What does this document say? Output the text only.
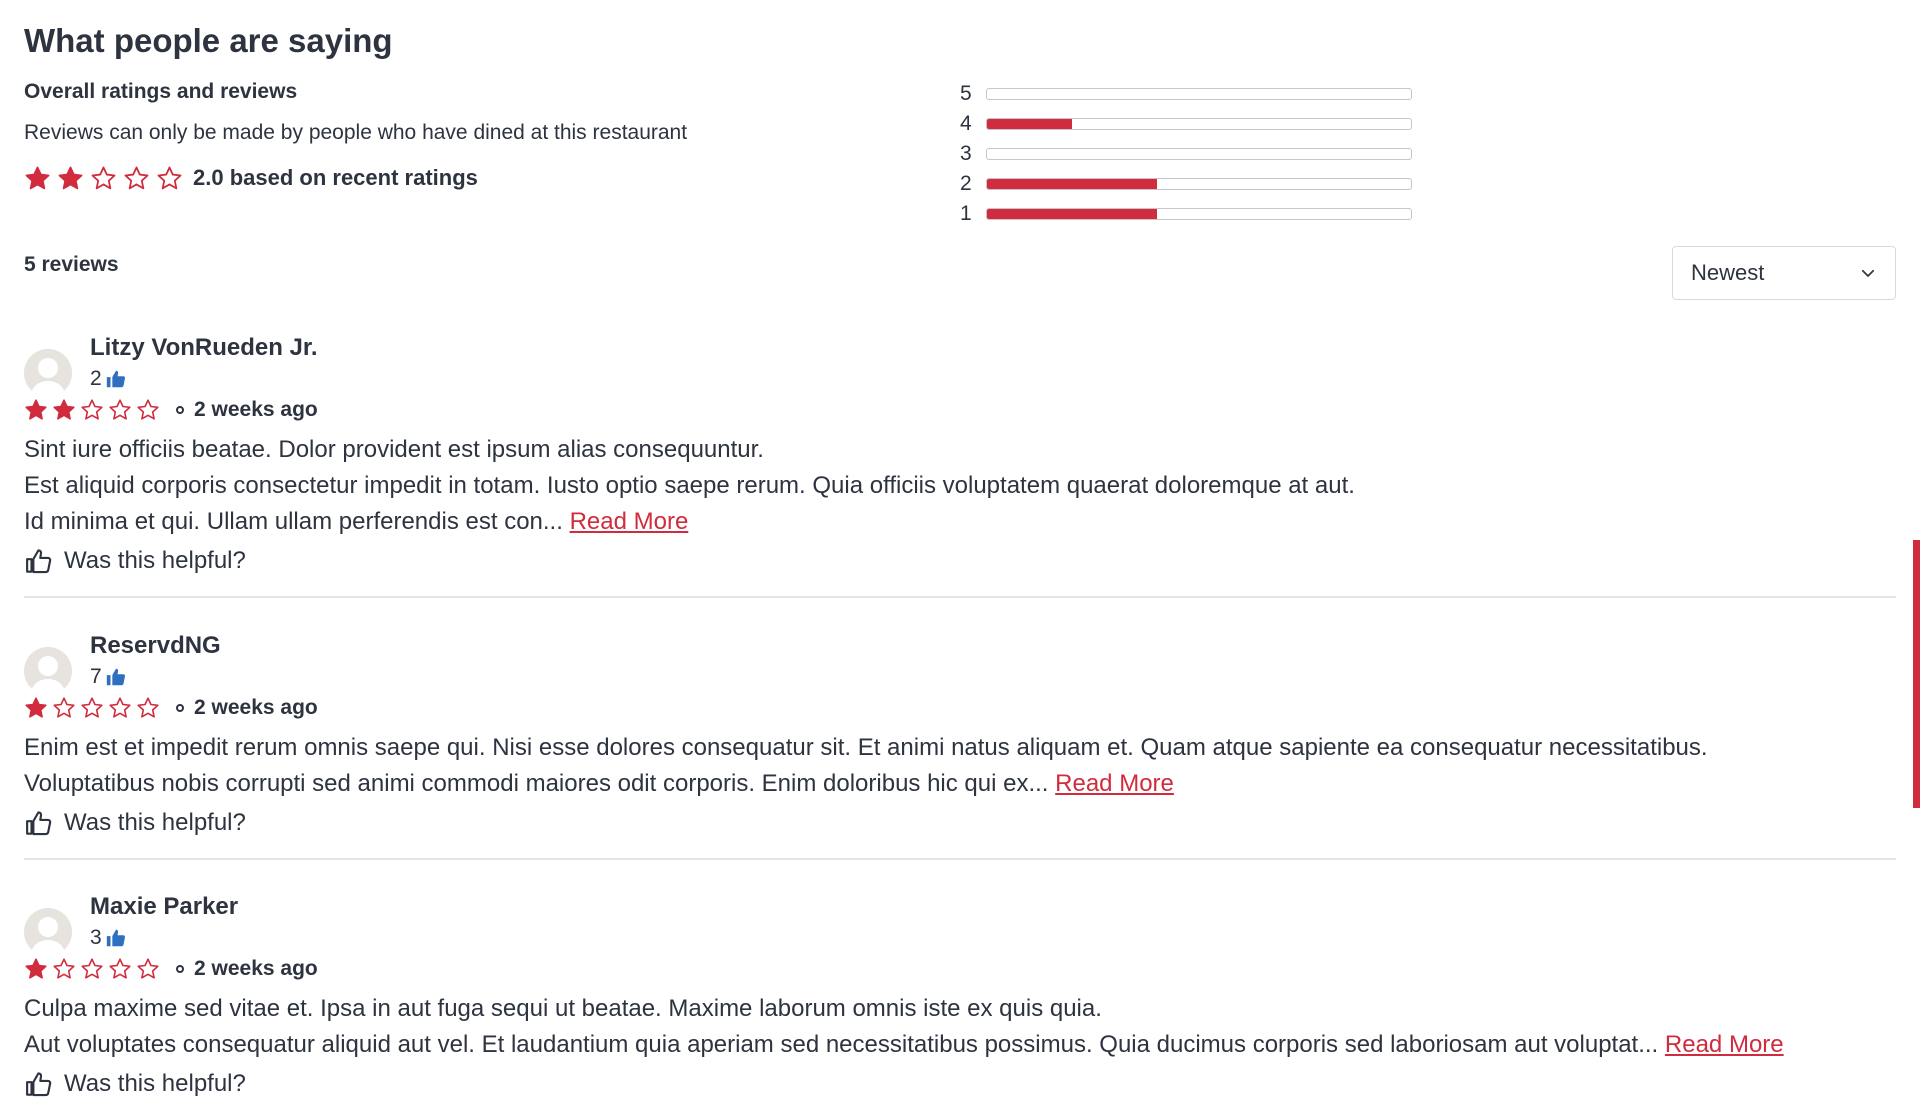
What people are saying
Overall ratings and reviews
Reviews can only be made by people who have dined at this restaurant
2.0 based on recent ratings
5
4
3
2
1
5 reviews	Newest
Litzy VonRueden Jr.
2
2 weeks ago
Sint iure officiis beatae. Dolor provident est ipsum alias consequuntur.
Est aliquid corporis consectetur impedit in totam. Iusto optio saepe rerum. Quia officiis voluptatem quaerat doloremque at aut.
Id minima et qui. Ullam ullam perferendis est con... Read More
Was this helpful?
ReservdNG
7
2 weeks ago
Enim est et impedit rerum omnis saepe qui. Nisi esse dolores consequatur sit. Et animi natus aliquam et. Quam atque sapiente ea consequatur necessitatibus.
Voluptatibus nobis corrupti sed animi commodi maiores odit corporis. Enim doloribus hic qui ex... Read More
Was this helpful?
Maxie Parker
3
2 weeks ago
Culpa maxime sed vitae et. Ipsa in aut fuga sequi ut beatae. Maxime laborum omnis iste ex quis quia.
Aut voluptates consequatur aliquid aut vel. Et laudantium quia aperiam sed necessitatibus possimus. Quia ducimus corporis sed laboriosam aut voluptat... Read More
Was this helpful?
